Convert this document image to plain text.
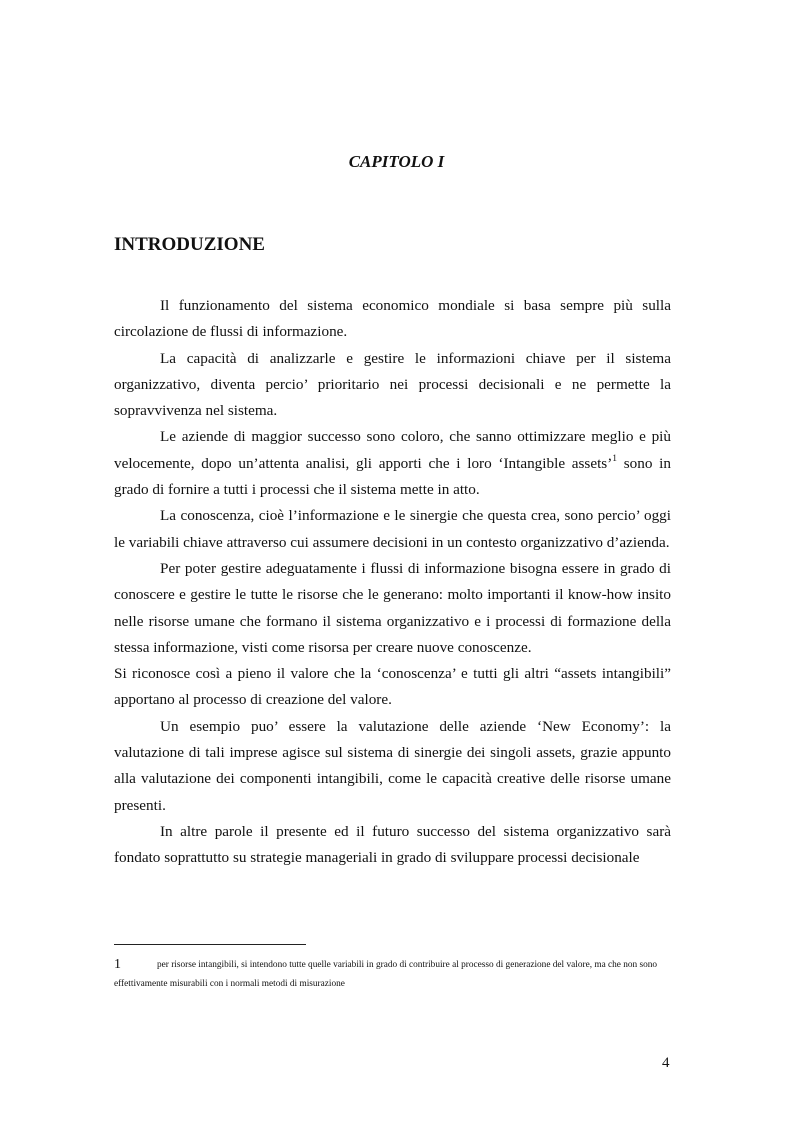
CAPITOLO I
INTRODUZIONE

Il funzionamento del sistema economico mondiale si basa sempre più sulla circolazione de flussi di informazione.

La capacità di analizzarle e gestire le informazioni chiave per il sistema organizzativo, diventa percio’ prioritario nei processi decisionali e ne permette la sopravvivenza nel sistema.

Le aziende di maggior successo sono coloro, che sanno ottimizzare meglio e più velocemente, dopo un’attenta analisi, gli apporti che i loro ‘Intangible assets’$^1$ sono in grado di fornire a tutti i processi che il sistema mette in atto.

La conoscenza, cioè l’informazione e le sinergie che questa crea, sono percio’ oggi le variabili chiave attraverso cui assumere decisioni in un contesto organizzativo d’azienda.

Per poter gestire adeguatamente i flussi di informazione bisogna essere in grado di conoscere e gestire le tutte le risorse che le generano: molto importanti il know-how insito nelle risorse umane che formano il sistema organizzativo e i processi di formazione della stessa informazione, visti come risorsa per creare nuove conoscenze.
Si riconosce così a pieno il valore che la ‘conoscenza’ e tutti gli altri “assets intangibili” apportano al processo di creazione del valore.

Un esempio puo’ essere la valutazione delle aziende ‘New Economy’: la valutazione di tali imprese agisce sul sistema di sinergie dei singoli assets, grazie appunto alla valutazione dei componenti intangibili, come le capacità creative delle risorse umane presenti.

In altre parole il presente ed il futuro successo del sistema organizzativo sarà fondato soprattutto su strategie manageriali in grado di sviluppare processi decisionale

1	per risorse intangibili, si intendono tutte quelle variabili in grado di contribuire al processo di generazione del valore, ma che non sono effettivamente misurabili con i normali metodi di misurazione
4
